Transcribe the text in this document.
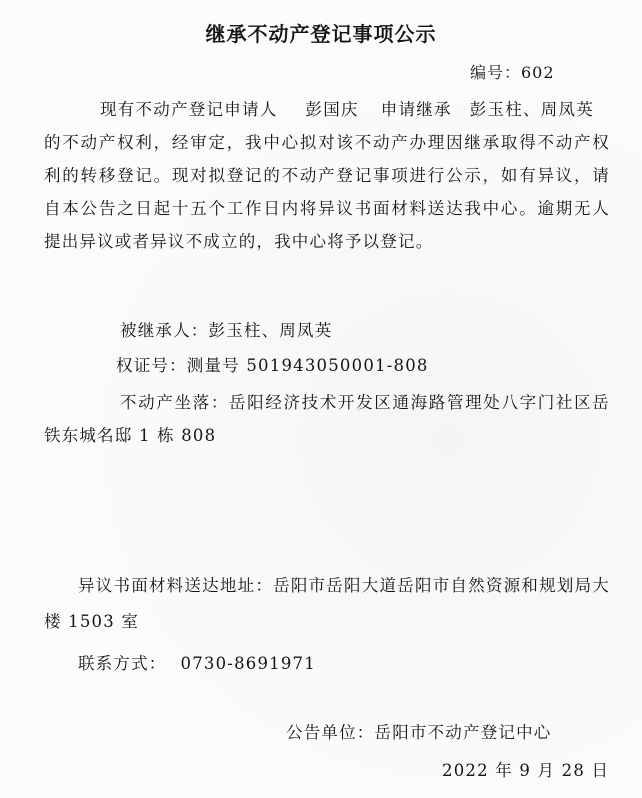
继承不动产登记事项公示
编号：602
现有不动产登记申请人 彭国庆 申请继承 彭玉柱、周凤英的不动产权利，经审定，我中心拟对该不动产办理因继承取得不动产权利的转移登记。现对拟登记的不动产登记事项进行公示，如有异议，请自本公告之日起十五个工作日内将异议书面材料送达我中心。逾期无人提出异议或者异议不成立的，我中心将予以登记。
被继承人：彭玉柱、周凤英
权证号：测量号 501943050001-808
不动产坐落：岳阳经济技术开发区通海路管理处八字门社区岳铁东城名邸 1 栋 808
异议书面材料送达地址：岳阳市岳阳大道岳阳市自然资源和规划局大楼 1503 室
联系方式： 0730-8691971
公告单位：岳阳市不动产登记中心
2022 年 9 月 28 日
